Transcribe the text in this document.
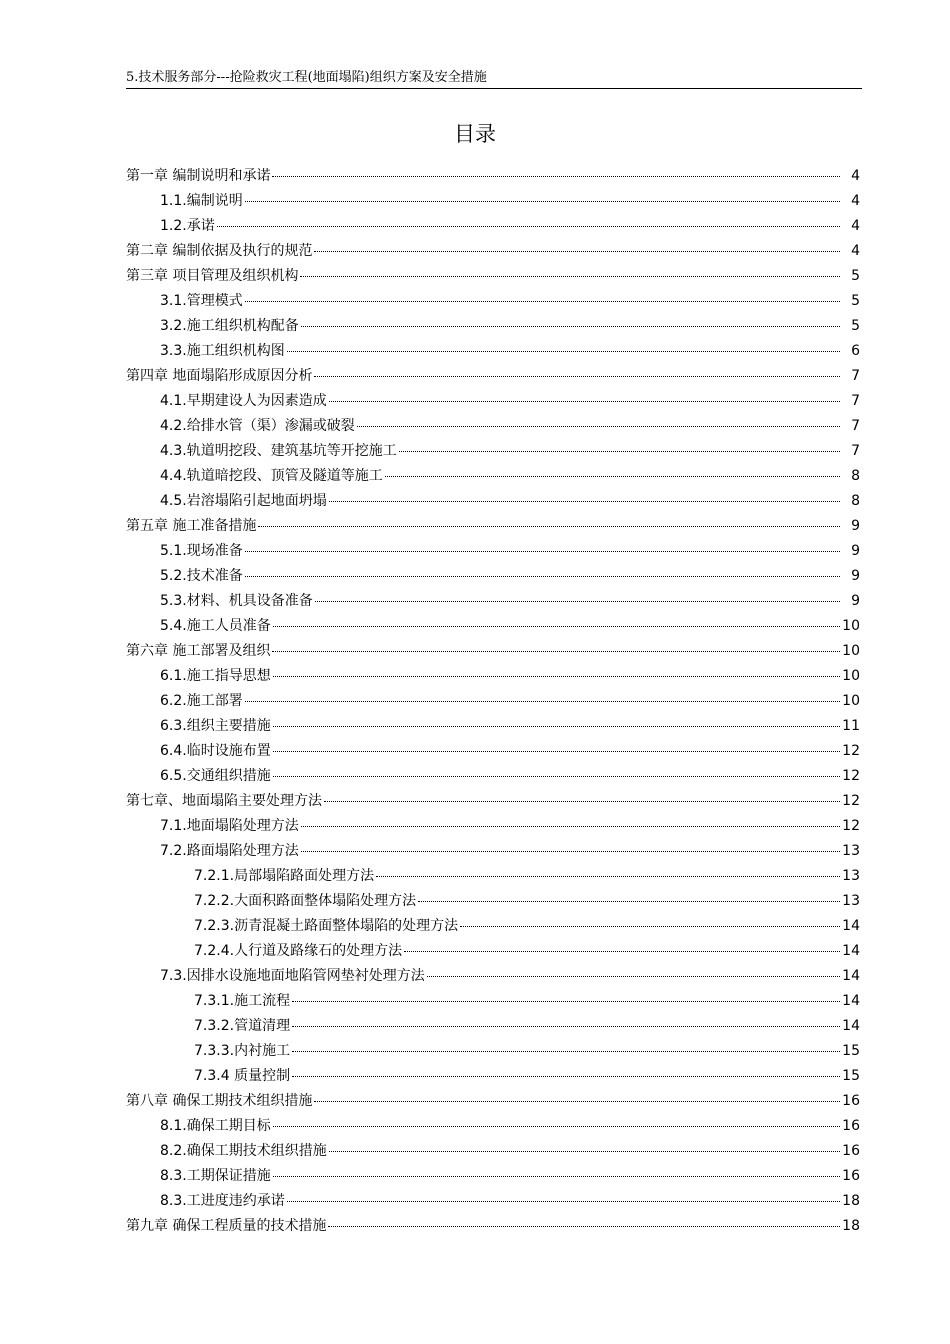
5.技术服务部分---抢险救灾工程(地面塌陷)组织方案及安全措施
目录
第一章 编制说明和承诺	4
1.1.编制说明	4
1.2.承诺	4
第二章 编制依据及执行的规范	4
第三章 项目管理及组织机构	5
3.1.管理模式	5
3.2.施工组织机构配备	5
3.3.施工组织机构图	6
第四章 地面塌陷形成原因分析	7
4.1.早期建设人为因素造成	7
4.2.给排水管（渠）渗漏或破裂	7
4.3.轨道明挖段、建筑基坑等开挖施工	7
4.4.轨道暗挖段、顶管及隧道等施工	8
4.5.岩溶塌陷引起地面坍塌	8
第五章 施工准备措施	9
5.1.现场准备	9
5.2.技术准备	9
5.3.材料、机具设备准备	9
5.4.施工人员准备	10
第六章 施工部署及组织	10
6.1.施工指导思想	10
6.2.施工部署	10
6.3.组织主要措施	11
6.4.临时设施布置	12
6.5.交通组织措施	12
第七章、地面塌陷主要处理方法	12
7.1.地面塌陷处理方法	12
7.2.路面塌陷处理方法	13
7.2.1.局部塌陷路面处理方法	13
7.2.2.大面积路面整体塌陷处理方法	13
7.2.3.沥青混凝土路面整体塌陷的处理方法	14
7.2.4.人行道及路缘石的处理方法	14
7.3.因排水设施地面地陷管网垫衬处理方法	14
7.3.1.施工流程	14
7.3.2.管道清理	14
7.3.3.内衬施工	15
7.3.4 质量控制	15
第八章 确保工期技术组织措施	16
8.1.确保工期目标	16
8.2.确保工期技术组织措施	16
8.3.工期保证措施	16
8.3.工进度违约承诺	18
第九章 确保工程质量的技术措施	18
